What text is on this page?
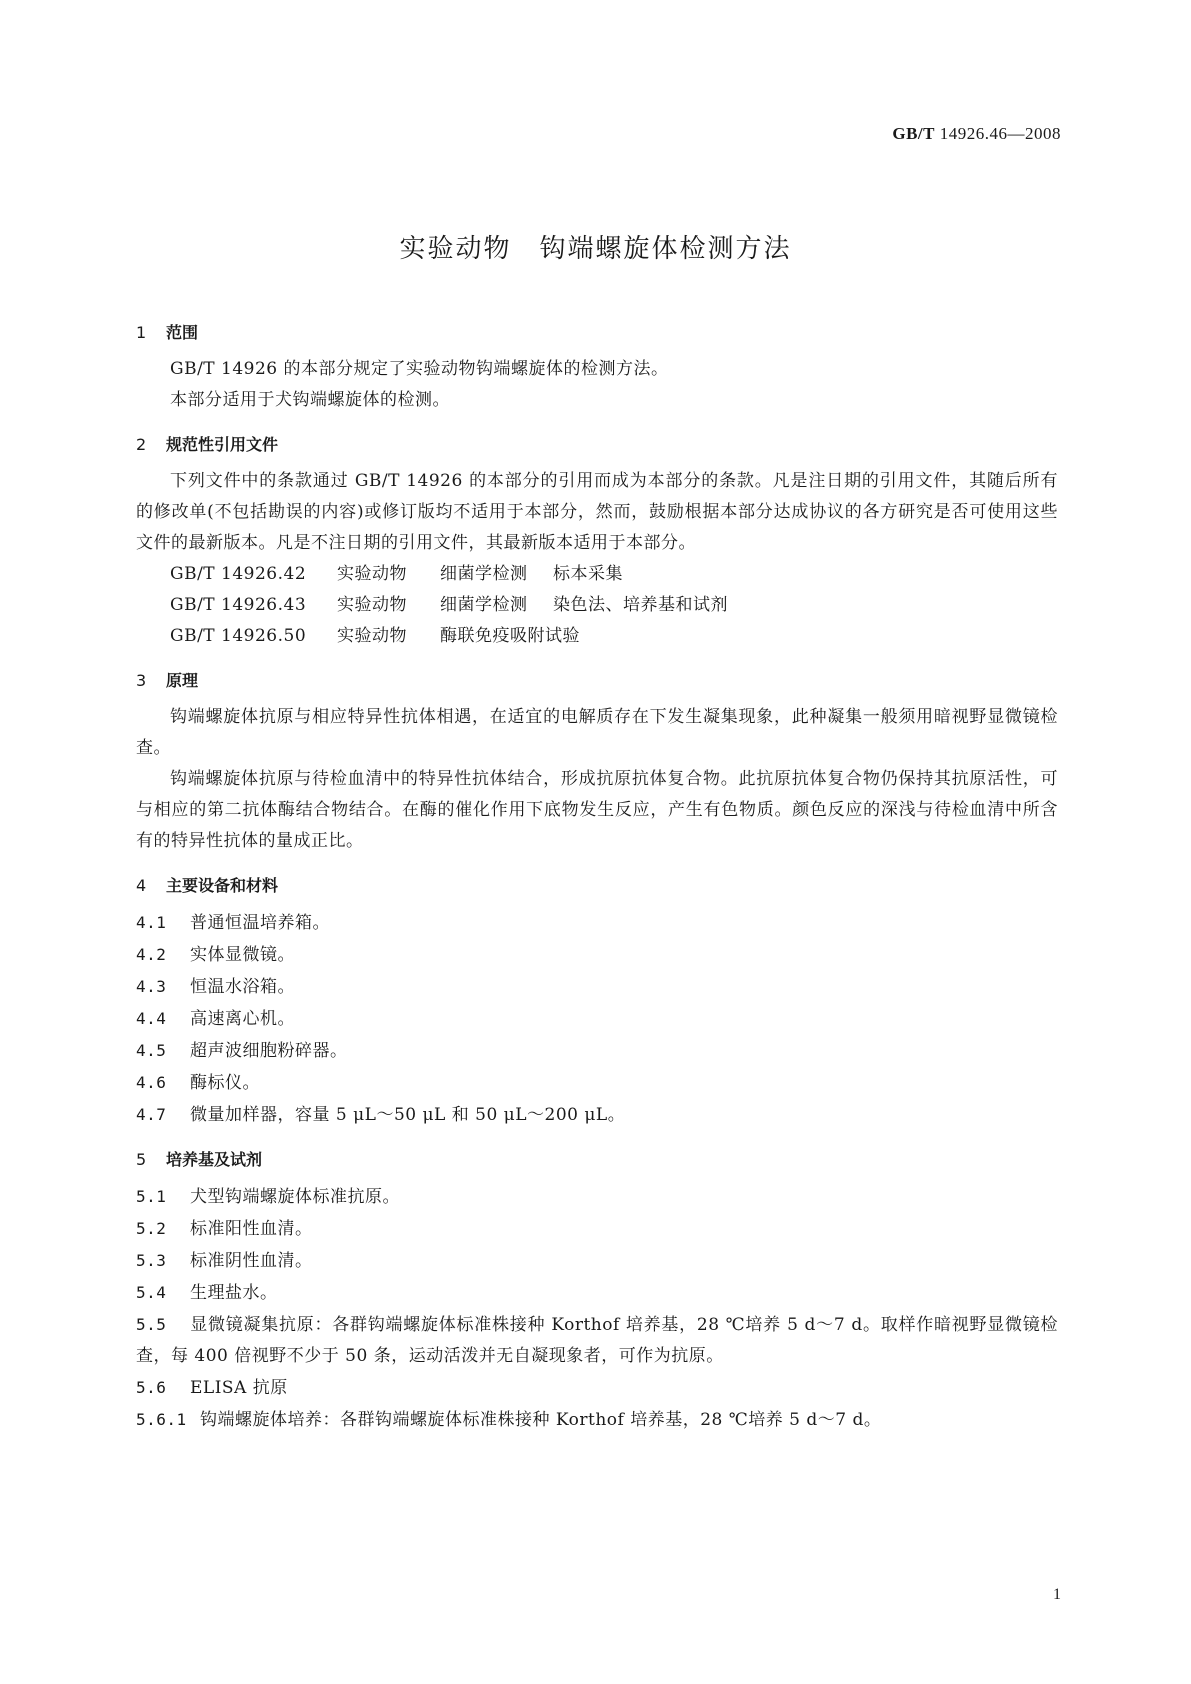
GB/T 14926.46—2008
实验动物　钩端螺旋体检测方法
1 范围
GB/T 14926 的本部分规定了实验动物钩端螺旋体的检测方法。
本部分适用于犬钩端螺旋体的检测。
2 规范性引用文件
下列文件中的条款通过 GB/T 14926 的本部分的引用而成为本部分的条款。凡是注日期的引用文件，其随后所有的修改单(不包括勘误的内容)或修订版均不适用于本部分，然而，鼓励根据本部分达成协议的各方研究是否可使用这些文件的最新版本。凡是不注日期的引用文件，其最新版本适用于本部分。
GB/T 14926.42 实验动物 细菌学检测 标本采集
GB/T 14926.43 实验动物 细菌学检测 染色法、培养基和试剂
GB/T 14926.50 实验动物 酶联免疫吸附试验
3 原理
钩端螺旋体抗原与相应特异性抗体相遇，在适宜的电解质存在下发生凝集现象，此种凝集一般须用暗视野显微镜检查。
钩端螺旋体抗原与待检血清中的特异性抗体结合，形成抗原抗体复合物。此抗原抗体复合物仍保持其抗原活性，可与相应的第二抗体酶结合物结合。在酶的催化作用下底物发生反应，产生有色物质。颜色反应的深浅与待检血清中所含有的特异性抗体的量成正比。
4 主要设备和材料
4.1 普通恒温培养箱。
4.2 实体显微镜。
4.3 恒温水浴箱。
4.4 高速离心机。
4.5 超声波细胞粉碎器。
4.6 酶标仪。
4.7 微量加样器，容量 5 μL～50 μL 和 50 μL～200 μL。
5 培养基及试剂
5.1 犬型钩端螺旋体标准抗原。
5.2 标准阳性血清。
5.3 标准阴性血清。
5.4 生理盐水。
5.5 显微镜凝集抗原：各群钩端螺旋体标准株接种 Korthof 培养基，28 ℃培养 5 d～7 d。取样作暗视野显微镜检查，每 400 倍视野不少于 50 条，运动活泼并无自凝现象者，可作为抗原。
5.6 ELISA 抗原
5.6.1 钩端螺旋体培养：各群钩端螺旋体标准株接种 Korthof 培养基，28 ℃培养 5 d～7 d。
1
